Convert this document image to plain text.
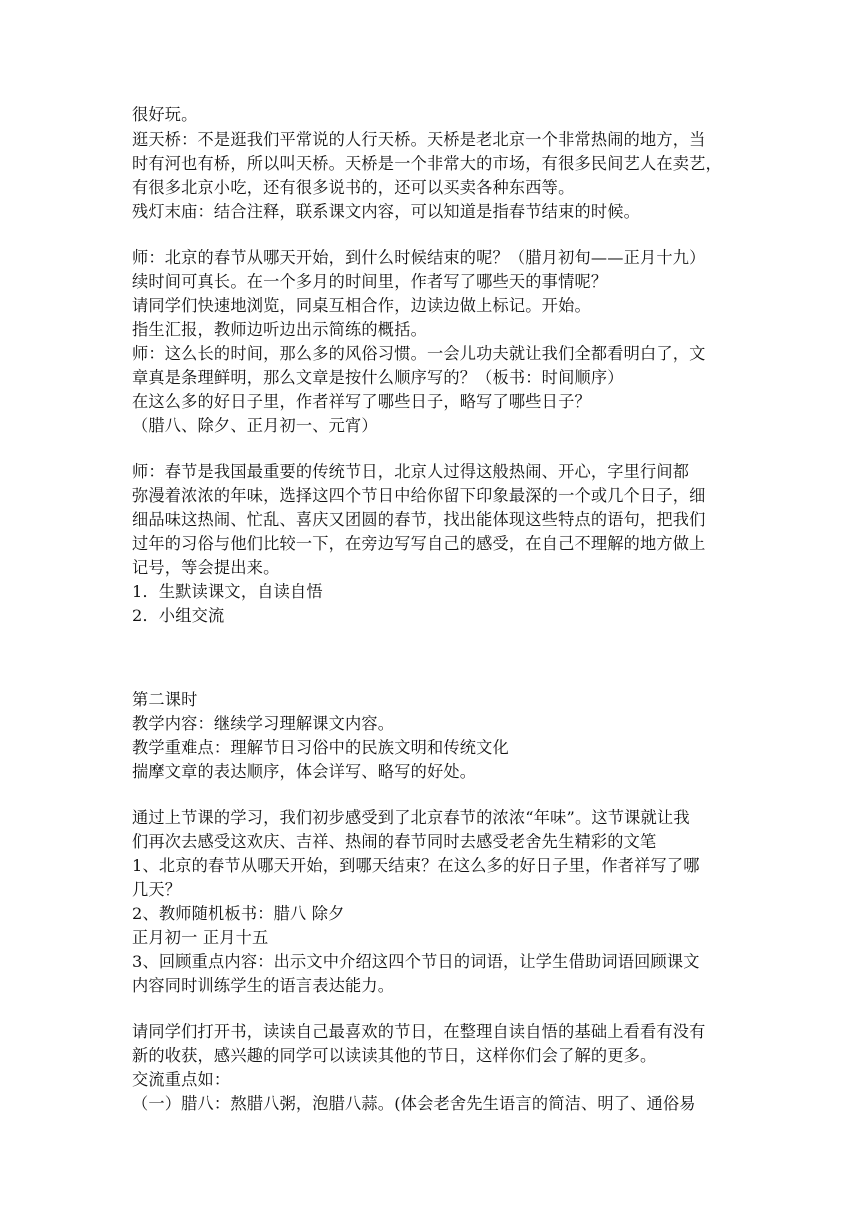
很好玩。
逛天桥：不是逛我们平常说的人行天桥。天桥是老北京一个非常热闹的地方，当
时有河也有桥，所以叫天桥。天桥是一个非常大的市场，有很多民间艺人在卖艺，
有很多北京小吃，还有很多说书的，还可以买卖各种东西等。
残灯末庙：结合注释，联系课文内容，可以知道是指春节结束的时候。
师：北京的春节从哪天开始，到什么时候结束的呢？（腊月初旬——正月十九）
续时间可真长。在一个多月的时间里，作者写了哪些天的事情呢？
请同学们快速地浏览，同桌互相合作，边读边做上标记。开始。
指生汇报，教师边听边出示简练的概括。
师：这么长的时间，那么多的风俗习惯。一会儿功夫就让我们全都看明白了，文
章真是条理鲜明，那么文章是按什么顺序写的？（板书：时间顺序）
在这么多的好日子里，作者祥写了哪些日子，略写了哪些日子？
（腊八、除夕、正月初一、元宵）
师：春节是我国最重要的传统节日，北京人过得这般热闹、开心，字里行间都
弥漫着浓浓的年味，选择这四个节日中给你留下印象最深的一个或几个日子，细
细品味这热闹、忙乱、喜庆又团圆的春节，找出能体现这些特点的语句，把我们
过年的习俗与他们比较一下，在旁边写写自己的感受，在自己不理解的地方做上
记号，等会提出来。
1．生默读课文，自读自悟
2．小组交流
第二课时
教学内容：继续学习理解课文内容。
教学重难点：理解节日习俗中的民族文明和传统文化
揣摩文章的表达顺序，体会详写、略写的好处。
通过上节课的学习，我们初步感受到了北京春节的浓浓“年味”。这节课就让我
们再次去感受这欢庆、吉祥、热闹的春节同时去感受老舍先生精彩的文笔
1、北京的春节从哪天开始，到哪天结束？在这么多的好日子里，作者祥写了哪
几天？
2、教师随机板书：腊八 除夕
正月初一 正月十五
3、回顾重点内容：出示文中介绍这四个节日的词语，让学生借助词语回顾课文
内容同时训练学生的语言表达能力。
请同学们打开书，读读自己最喜欢的节日，在整理自读自悟的基础上看看有没有
新的收获，感兴趣的同学可以读读其他的节日，这样你们会了解的更多。
交流重点如：
（一）腊八：熬腊八粥，泡腊八蒜。(体会老舍先生语言的简洁、明了、通俗易
